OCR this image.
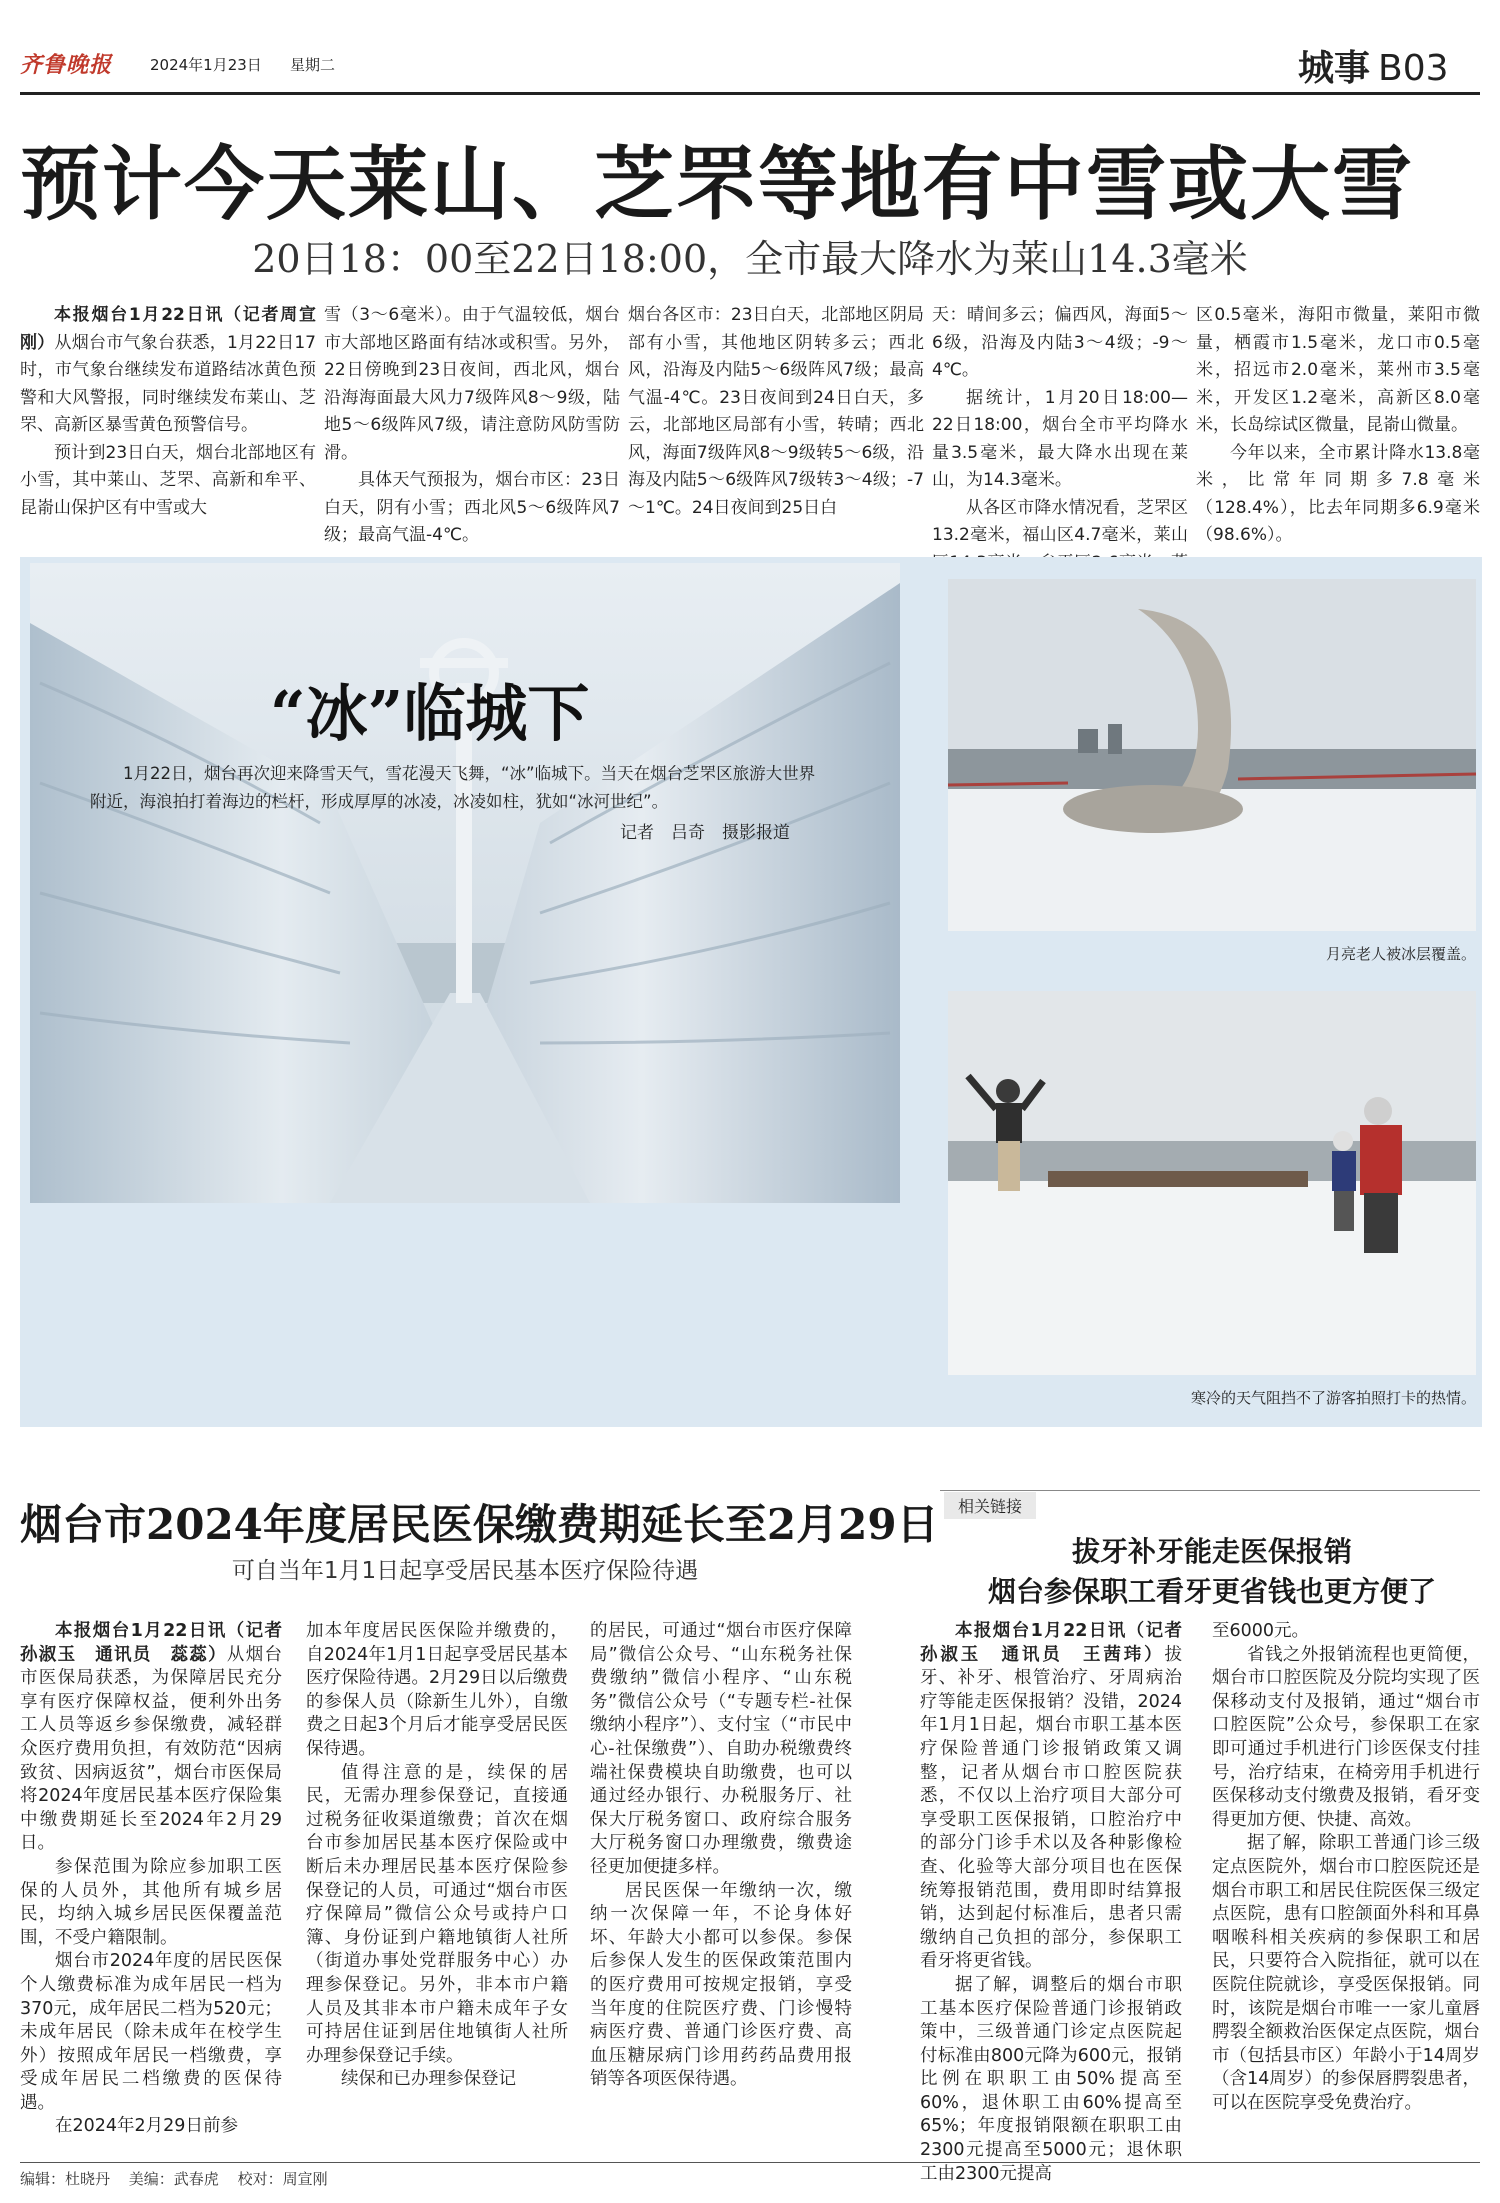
齐鲁晚报	2024年1月23日 星期二	城事 B03
预计今天莱山、芝罘等地有中雪或大雪
20日18：00至22日18:00，全市最大降水为莱山14.3毫米

本报烟台1月22日讯（记者周宣刚）从烟台市气象台获悉，1月22日17时，市气象台继续发布道路结冰黄色预警和大风警报，同时继续发布莱山、芝罘、高新区暴雪黄色预警信号。

预计到23日白天，烟台北部地区有小雪，其中莱山、芝罘、高新和牟平、昆嵛山保护区有中雪或大

雪（3～6毫米）。由于气温较低，烟台市大部地区路面有结冰或积雪。另外，22日傍晚到23日夜间，西北风，烟台沿海海面最大风力7级阵风8～9级，陆地5～6级阵风7级，请注意防风防雪防滑。

具体天气预报为，烟台市区：23日白天，阴有小雪；西北风5～6级阵风7级；最高气温-4℃。

烟台各区市：23日白天，北部地区阴局部有小雪，其他地区阴转多云；西北风，沿海及内陆5～6级阵风7级；最高气温-4℃。23日夜间到24日白天，多云，北部地区局部有小雪，转晴；西北风，海面7级阵风8～9级转5～6级，沿海及内陆5～6级阵风7级转3～4级；-7～1℃。24日夜间到25日白

天：晴间多云；偏西风，海面5～6级，沿海及内陆3～4级；-9～4℃。

据统计，1月20日18:00—22日18:00，烟台全市平均降水量3.5毫米，最大降水出现在莱山，为14.3毫米。

从各区市降水情况看，芝罘区13.2毫米，福山区4.7毫米，莱山

区0.5毫米，海阳市微量，莱阳市微量，栖霞市1.5毫米，龙口市0.5毫米，招远市2.0毫米，莱州市3.5毫米，开发区1.2毫米，高新区8.0毫米，长岛综试区微量，昆嵛山微量。

今年以来，全市累计降水13.8毫米，比常年同期多7.8毫米（128.4%），比去年同期多6.9毫米（98.6%）。

月亮老人被冰层覆盖。
寒冷的天气阻挡不了游客拍照打卡的热情。
“冰”临城下
1月22日，烟台再次迎来降雪天气，雪花漫天飞舞，“冰”临城下。当天在烟台芝罘区旅游大世界附近，海浪拍打着海边的栏杆，形成厚厚的冰凌，冰凌如柱，犹如“冰河世纪”。
记者　吕奇　摄影报道
烟台市2024年度居民医保缴费期延长至2月29日
可自当年1月1日起享受居民基本医疗保险待遇

本报烟台1月22日讯（记者孙淑玉　通讯员　蕊蕊）从烟台市医保局获悉，为保障居民充分享有医疗保障权益，便利外出务工人员等返乡参保缴费，减轻群众医疗费用负担，有效防范“因病致贫、因病返贫”，烟台市医保局将2024年度居民基本医疗保险集中缴费期延长至2024年2月29日。

参保范围为除应参加职工医保的人员外，其他所有城乡居民，均纳入城乡居民医保覆盖范围，不受户籍限制。

烟台市2024年度的居民医保个人缴费标准为成年居民一档为370元，成年居民二档为520元；未成年居民（除未成年在校学生外）按照成年居民一档缴费，享受成年居民二档缴费的医保待遇。

在2024年2月29日前参

加本年度居民医保险并缴费的，自2024年1月1日起享受居民基本医疗保险待遇。2月29日以后缴费的参保人员（除新生儿外），自缴费之日起3个月后才能享受居民医保待遇。

值得注意的是，续保的居民，无需办理参保登记，直接通过税务征收渠道缴费；首次在烟台市参加居民基本医疗保险或中断后未办理居民基本医疗保险参保登记的人员，可通过“烟台市医疗保障局”微信公众号或持户口簿、身份证到户籍地镇街人社所（街道办事处党群服务中心）办理参保登记。另外，非本市户籍人员及其非本市户籍未成年子女可持居住证到居住地镇街人社所办理参保登记手续。

续保和已办理参保登记

的居民，可通过“烟台市医疗保障局”微信公众号、“山东税务社保费缴纳”微信小程序、“山东税务”微信公众号（“专题专栏-社保缴纳小程序”）、支付宝（“市民中心-社保缴费”）、自助办税缴费终端社保费模块自助缴费，也可以通过经办银行、办税服务厅、社保大厅税务窗口、政府综合服务大厅税务窗口办理缴费，缴费途径更加便捷多样。

居民医保一年缴纳一次，缴纳一次保障一年，不论身体好坏、年龄大小都可以参保。参保后参保人发生的医保政策范围内的医疗费用可按规定报销，享受当年度的住院医疗费、门诊慢特病医疗费、普通门诊医疗费、高血压糖尿病门诊用药药品费用报销等各项医保待遇。

相关链接
拔牙补牙能走医保报销
烟台参保职工看牙更省钱也更方便了

本报烟台1月22日讯（记者　孙淑玉　通讯员　王茜玮）拔牙、补牙、根管治疗、牙周病治疗等能走医保报销？没错，2024年1月1日起，烟台市职工基本医疗保险普通门诊报销政策又调整，记者从烟台市口腔医院获悉，不仅以上治疗项目大部分可享受职工医保报销，口腔治疗中的部分门诊手术以及各种影像检查、化验等大部分项目也在医保统筹报销范围，费用即时结算报销，达到起付标准后，患者只需缴纳自己负担的部分，参保职工看牙将更省钱。

据了解，调整后的烟台市职工基本医疗保险普通门诊报销政策中，三级普通门诊定点医院起付标准由800元降为600元，报销比例在职职工由50%提高至60%，退休职工由60%提高至65%；年度报销限额在职职工由2300元提高至5000元；退休职工由2300元提高

至6000元。

省钱之外报销流程也更简便，烟台市口腔医院及分院均实现了医保移动支付及报销，通过“烟台市口腔医院”公众号，参保职工在家即可通过手机进行门诊医保支付挂号，治疗结束，在椅旁用手机进行医保移动支付缴费及报销，看牙变得更加方便、快捷、高效。

据了解，除职工普通门诊三级定点医院外，烟台市口腔医院还是烟台市职工和居民住院医保三级定点医院，患有口腔颌面外科和耳鼻咽喉科相关疾病的参保职工和居民，只要符合入院指征，就可以在医院住院就诊，享受医保报销。同时，该院是烟台市唯一一家儿童唇腭裂全额救治医保定点医院，烟台市（包括县市区）年龄小于14周岁（含14周岁）的参保唇腭裂患者，可以在医院享受免费治疗。

编辑：杜晓丹 美编：武春虎 校对：周宣刚
